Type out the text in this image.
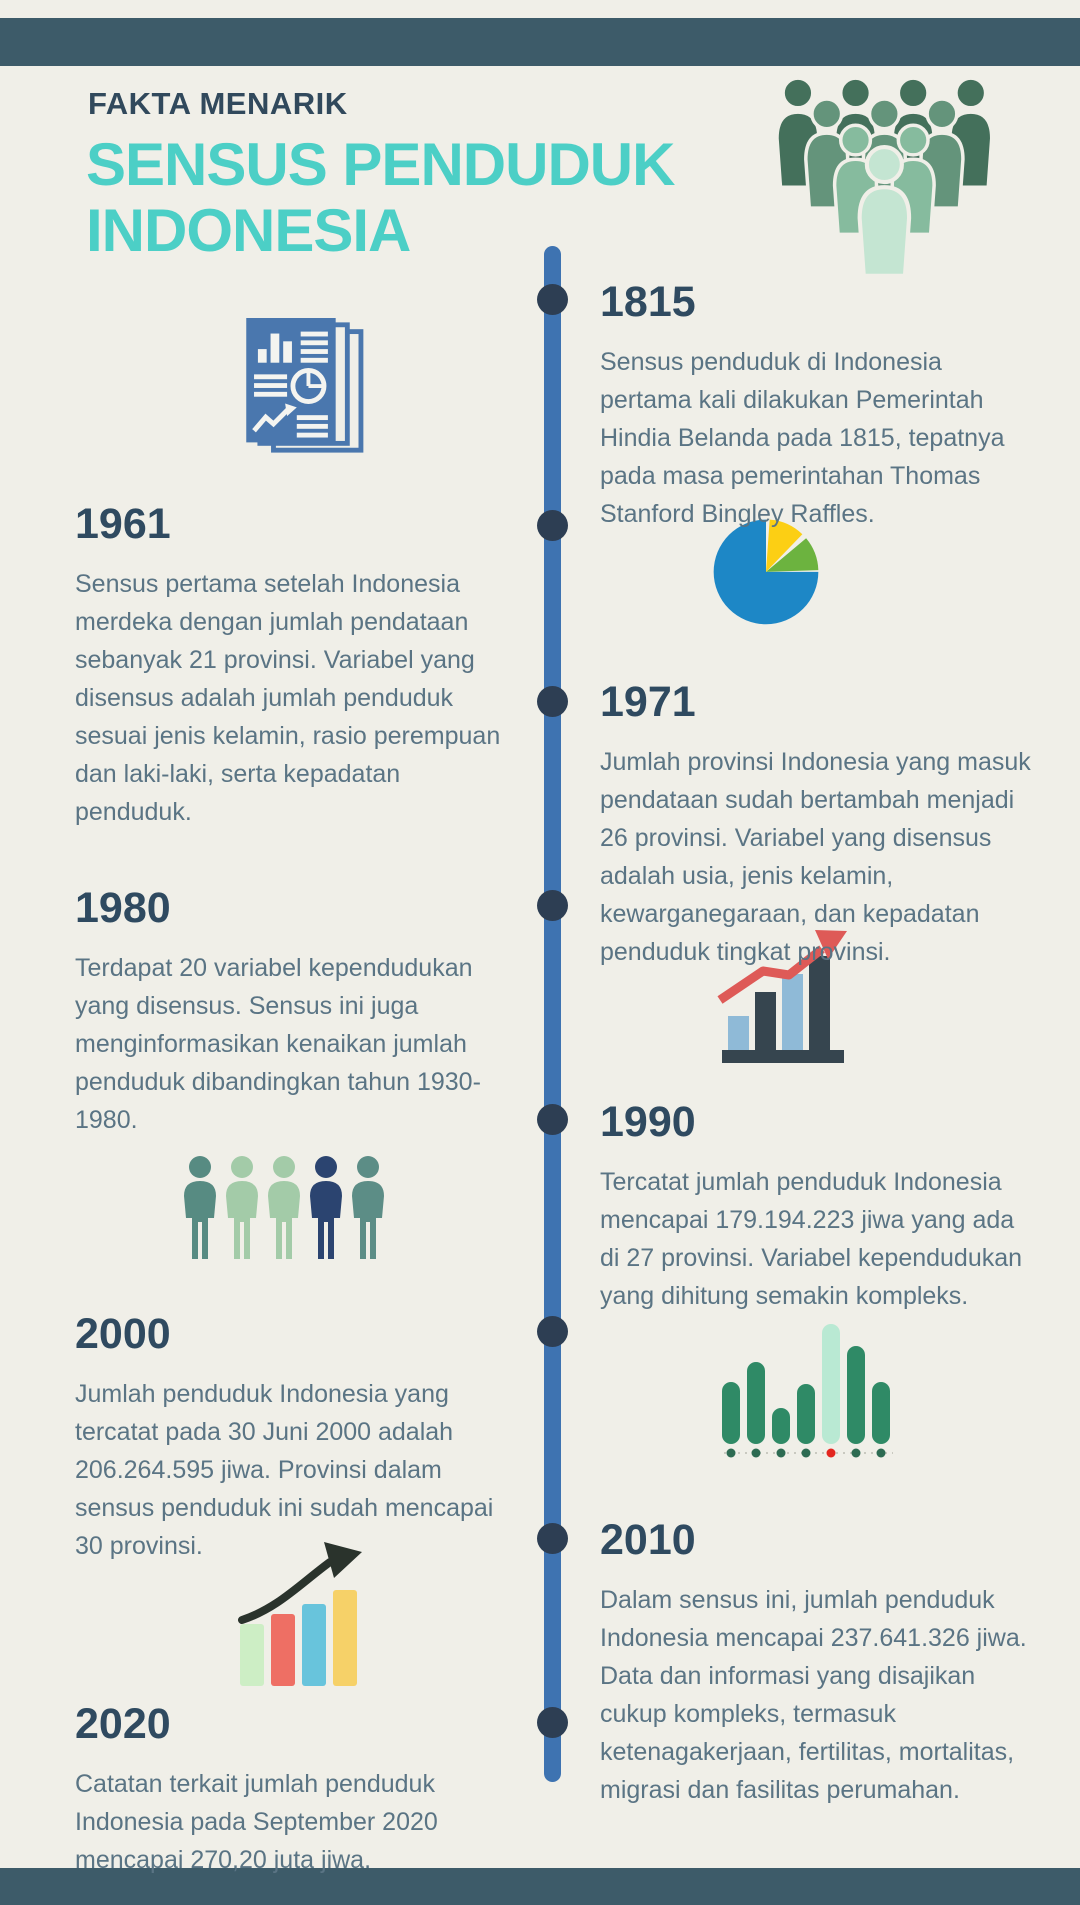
FAKTA MENARIK
SENSUS PENDUDUK
INDONESIA
1815

Sensus penduduk di Indonesia pertama kali dilakukan Pemerintah Hindia Belanda pada 1815, tepatnya pada masa pemerintahan Thomas Stanford Bingley Raffles.

1961

Sensus pertama setelah Indonesia merdeka dengan jumlah pendataan sebanyak 21 provinsi. Variabel yang disensus adalah jumlah penduduk sesuai jenis kelamin, rasio perempuan dan laki-laki, serta kepadatan penduduk.

1971

Jumlah provinsi Indonesia yang masuk pendataan sudah bertambah menjadi 26 provinsi. Variabel yang disensus adalah usia, jenis kelamin, kewarganegaraan, dan kepadatan penduduk tingkat provinsi.

1980

Terdapat 20 variabel kependudukan yang disensus. Sensus ini juga menginformasikan kenaikan jumlah penduduk dibandingkan tahun 1930-1980.	1990

Tercatat jumlah penduduk Indonesia mencapai 179.194.223 jiwa yang ada di 27 provinsi. Variabel kependudukan yang dihitung semakin kompleks.

2000

Jumlah penduduk Indonesia yang tercatat pada 30 Juni 2000 adalah 206.264.595 jiwa. Provinsi dalam sensus penduduk ini sudah mencapai 30 provinsi.	2010

Dalam sensus ini, jumlah penduduk Indonesia mencapai 237.641.326 jiwa. Data dan informasi yang disajikan cukup kompleks, termasuk ketenagakerjaan, fertilitas, mortalitas, migrasi dan fasilitas perumahan.

2020

Catatan terkait jumlah penduduk Indonesia pada September 2020 mencapai 270,20 juta jiwa.
